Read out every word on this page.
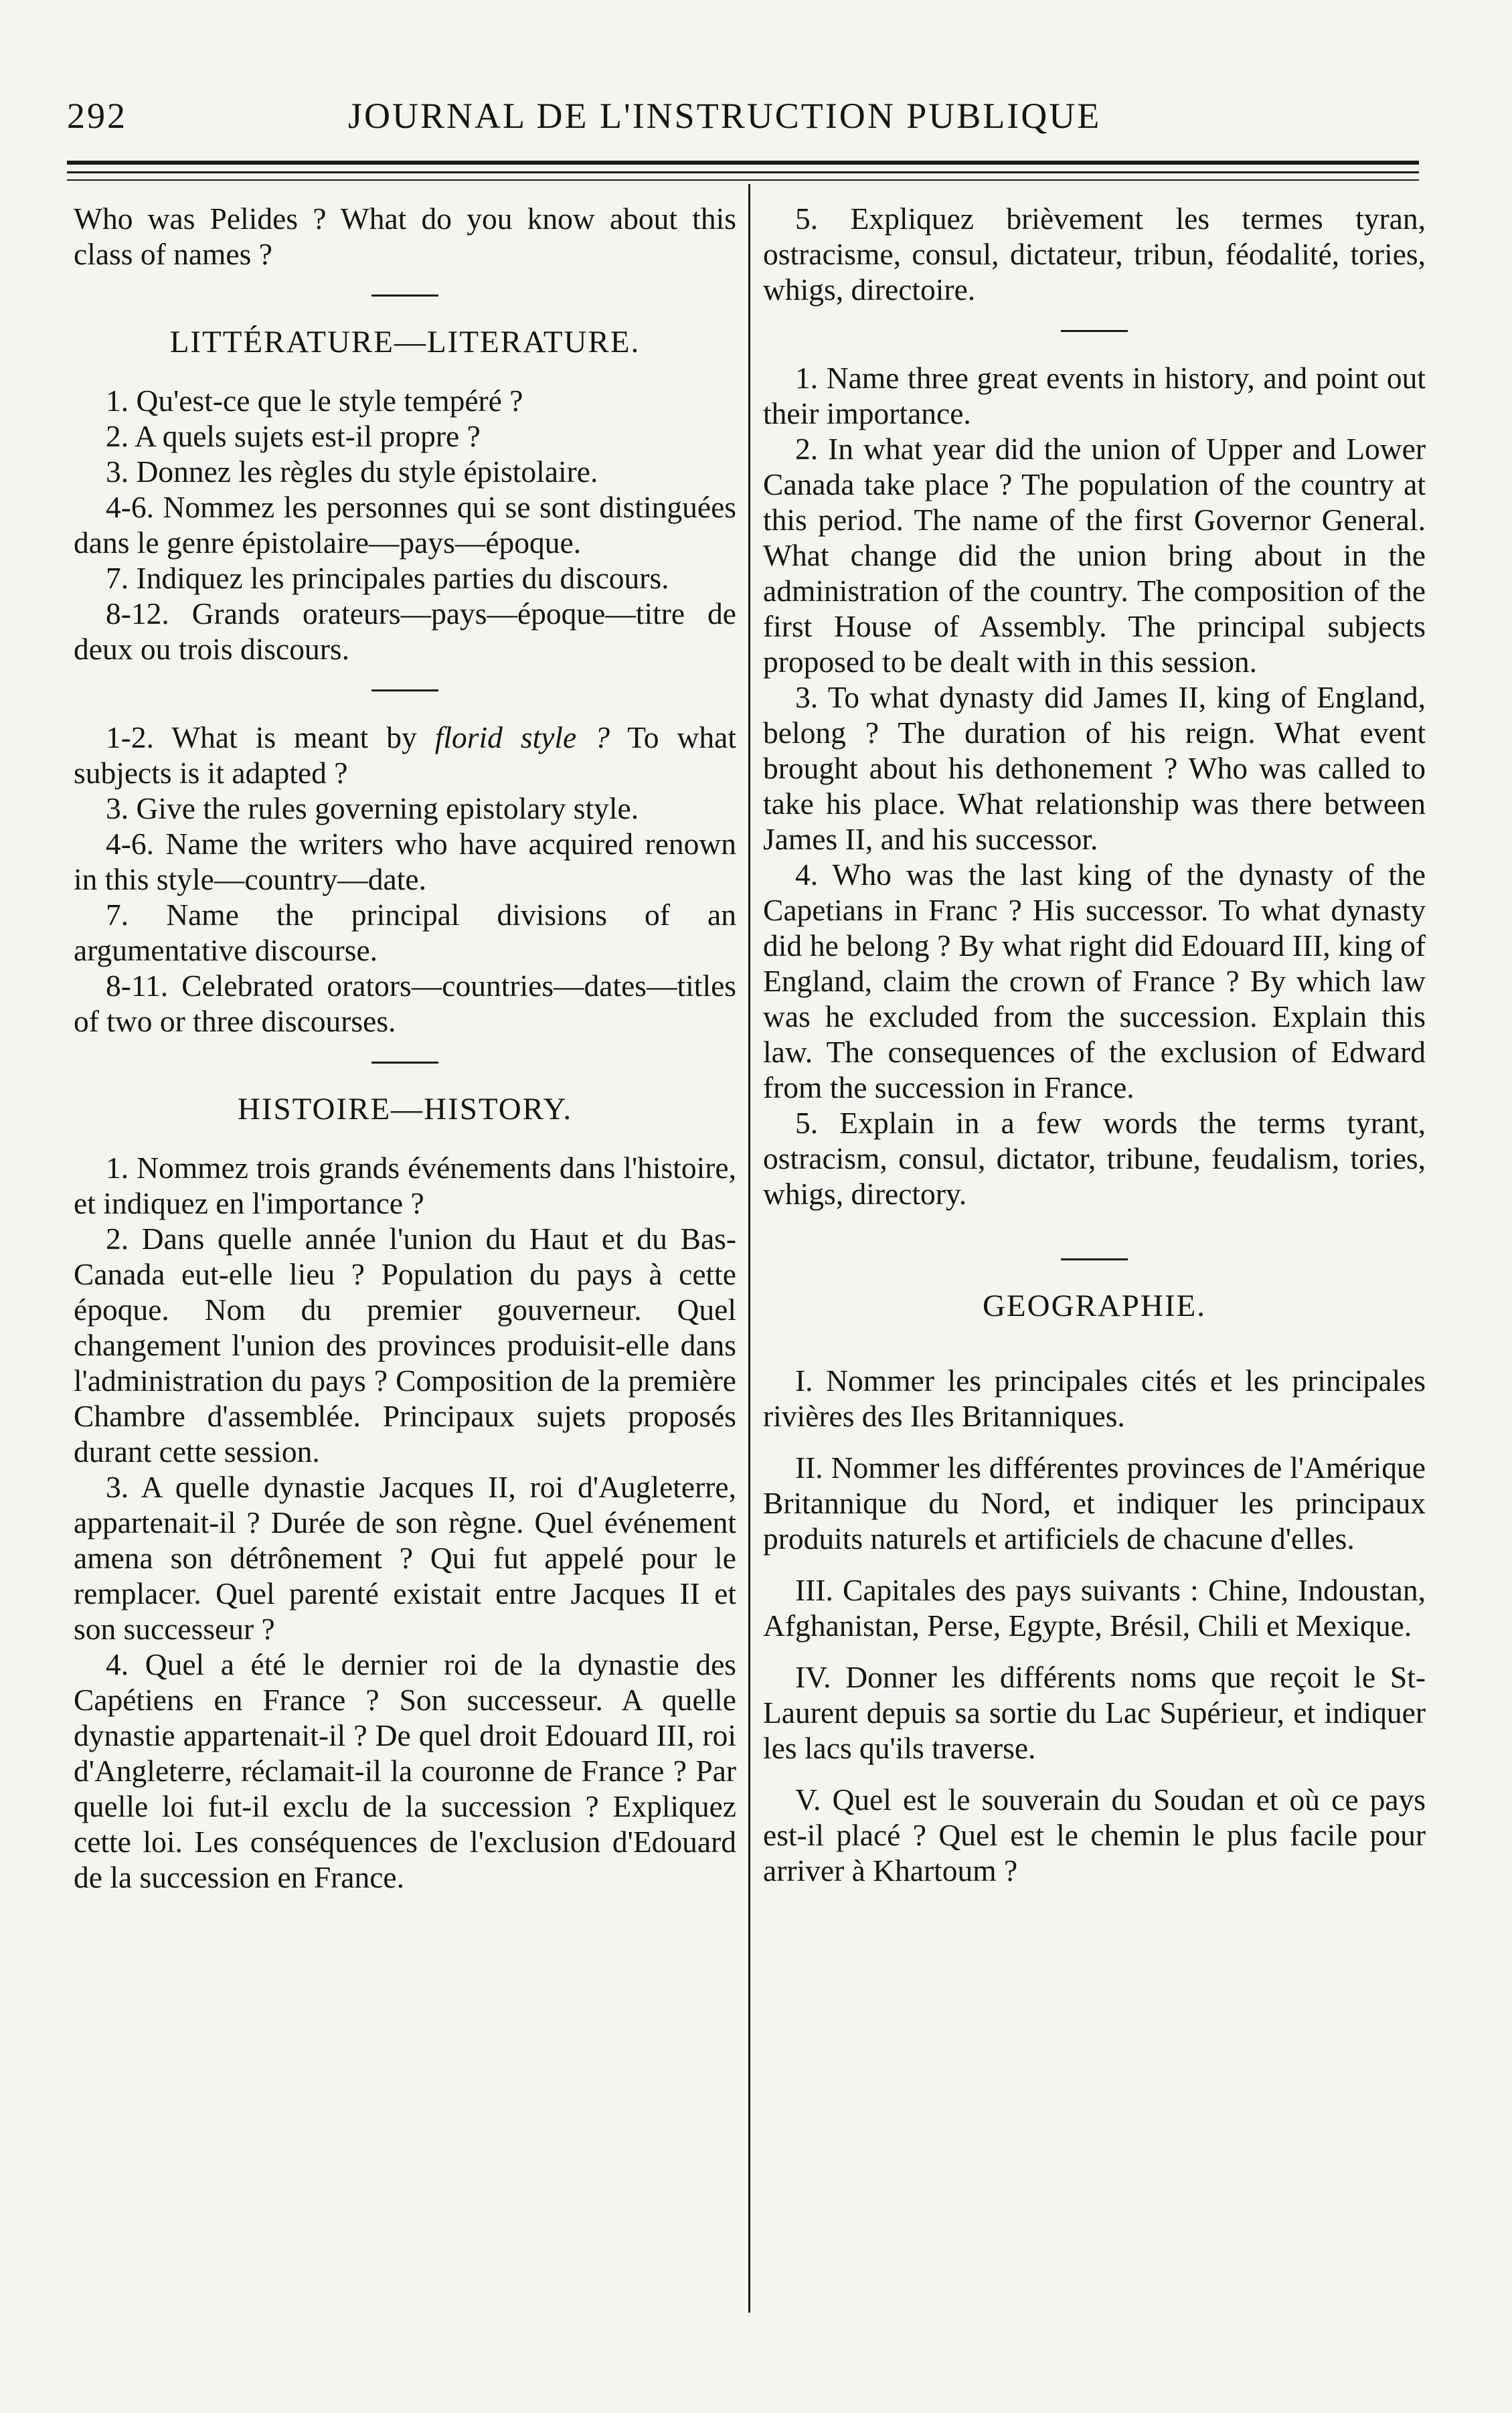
292	JOURNAL DE L'INSTRUCTION PUBLIQUE

Who was Pelides ? What do you know about this class of names ?

LITTÉRATURE—LITERATURE.

1. Qu'est-ce que le style tempéré ?

2. A quels sujets est-il propre ?

3. Donnez les règles du style épistolaire.

4-6. Nommez les personnes qui se sont distinguées dans le genre épistolaire—pays—époque.

7. Indiquez les principales parties du discours.

8-12. Grands orateurs—pays—époque—titre de deux ou trois discours.

1-2. What is meant by florid style ? To what subjects is it adapted ?

3. Give the rules governing epistolary style.

4-6. Name the writers who have acquired renown in this style—country—date.

7. Name the principal divisions of an argumentative discourse.

8-11. Celebrated orators—countries—dates—titles of two or three discourses.

HISTOIRE—HISTORY.

1. Nommez trois grands événements dans l'histoire, et indiquez en l'importance ?

2. Dans quelle année l'union du Haut et du Bas-Canada eut-elle lieu ? Population du pays à cette époque. Nom du premier gouverneur. Quel changement l'union des provinces produisit-elle dans l'administration du pays ? Composition de la première Chambre d'assemblée. Principaux sujets proposés durant cette session.

3. A quelle dynastie Jacques II, roi d'Augleterre, appartenait-il ? Durée de son règne. Quel événement amena son détrônement ? Qui fut appelé pour le remplacer. Quel parenté existait entre Jacques II et son successeur ?

4. Quel a été le dernier roi de la dynastie des Capétiens en France ? Son successeur. A quelle dynastie appartenait-il ? De quel droit Edouard III, roi d'Angleterre, réclamait-il la couronne de France ? Par quelle loi fut-il exclu de la succession ? Expliquez cette loi. Les conséquences de l'exclusion d'Edouard de la succession en France.

5. Expliquez brièvement les termes tyran, ostracisme, consul, dictateur, tribun, féodalité, tories, whigs, directoire.

1. Name three great events in history, and point out their importance.

2. In what year did the union of Upper and Lower Canada take place ? The population of the country at this period. The name of the first Governor General. What change did the union bring about in the administration of the country. The composition of the first House of Assembly. The principal subjects proposed to be dealt with in this session.

3. To what dynasty did James II, king of England, belong ? The duration of his reign. What event brought about his dethonement ? Who was called to take his place. What relationship was there between James II, and his successor.

4. Who was the last king of the dynasty of the Capetians in Franc ? His successor. To what dynasty did he belong ? By what right did Edouard III, king of England, claim the crown of France ? By which law was he excluded from the succession. Explain this law. The consequences of the exclusion of Edward from the succession in France.

5. Explain in a few words the terms tyrant, ostracism, consul, dictator, tribune, feudalism, tories, whigs, directory.

GEOGRAPHIE.

I. Nommer les principales cités et les principales rivières des Iles Britanniques.

II. Nommer les différentes provinces de l'Amérique Britannique du Nord, et indiquer les principaux produits naturels et artificiels de chacune d'elles.

III. Capitales des pays suivants : Chine, Indoustan, Afghanistan, Perse, Egypte, Brésil, Chili et Mexique.

IV. Donner les différents noms que reçoit le St-Laurent depuis sa sortie du Lac Supérieur, et indiquer les lacs qu'ils traverse.

V. Quel est le souverain du Soudan et où ce pays est-il placé ? Quel est le chemin le plus facile pour arriver à Khartoum ?
